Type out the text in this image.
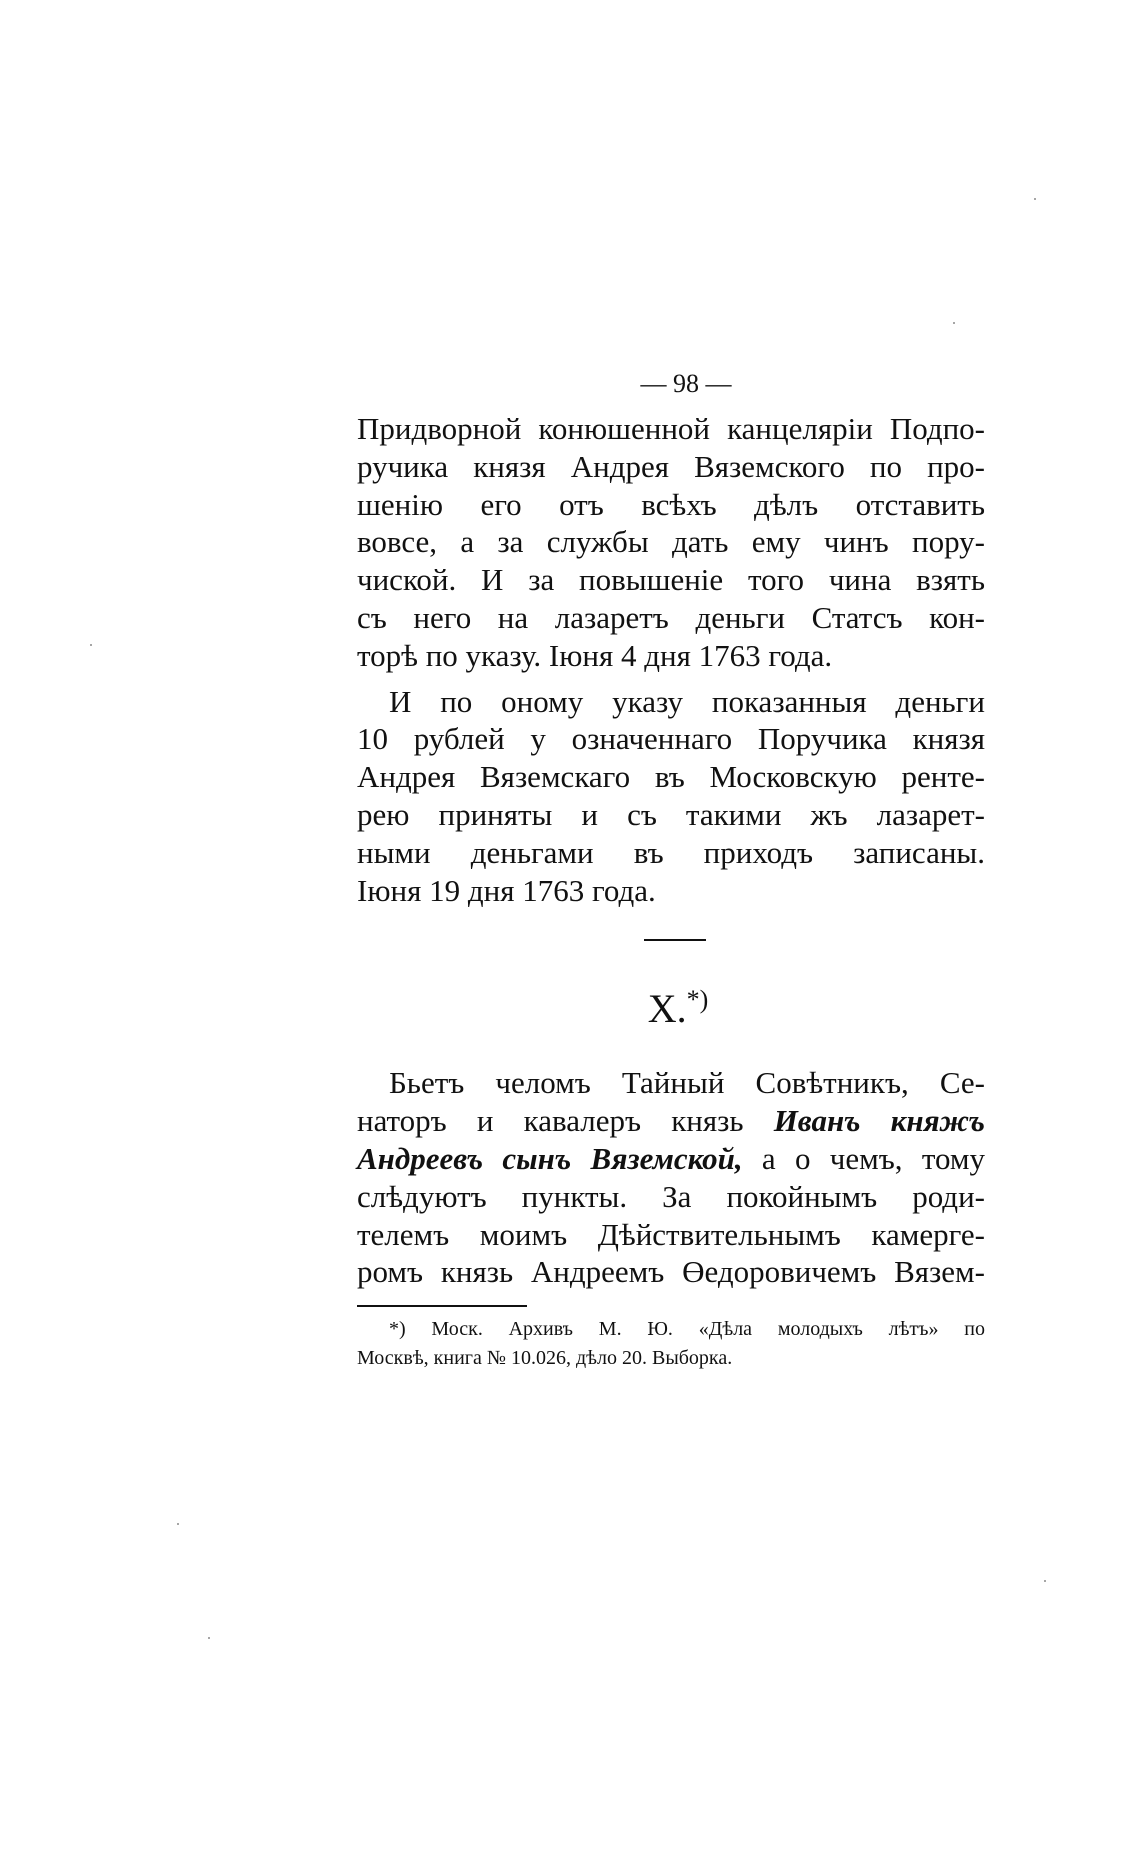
— 98 —
Придворной конюшенной канцеляріи Подпо-
ручика князя Андрея Вяземского по про-
шенію его отъ всѣхъ дѣлъ отставить
вовсе, а за службы дать ему чинъ пору-
чиской. И за повышеніе того чина взять
съ него на лазаретъ деньги Статсъ кон-
торѣ по указу. Іюня 4 дня 1763 года.
И по оному указу показанныя деньги
10 рублей у означеннаго Поручика князя
Андрея Вяземскаго въ Московскую ренте-
рею приняты и съ такими жъ лазарет-
ными деньгами въ приходъ записаны.
Іюня 19 дня 1763 года.
X.*)
Бьетъ челомъ Тайный Совѣтникъ, Се-
наторъ и кавалеръ князь Иванъ княжъ
Андреевъ сынъ Вяземской, а о чемъ, тому
слѣдуютъ пункты. За покойнымъ роди-
телемъ моимъ Дѣйствительнымъ камерге-
ромъ князь Андреемъ Өедоровичемъ Вязем-
*) Моск. Архивъ М. Ю. «Дѣла молодыхъ лѣтъ» по
Москвѣ, книга № 10.026, дѣло 20. Выборка.
